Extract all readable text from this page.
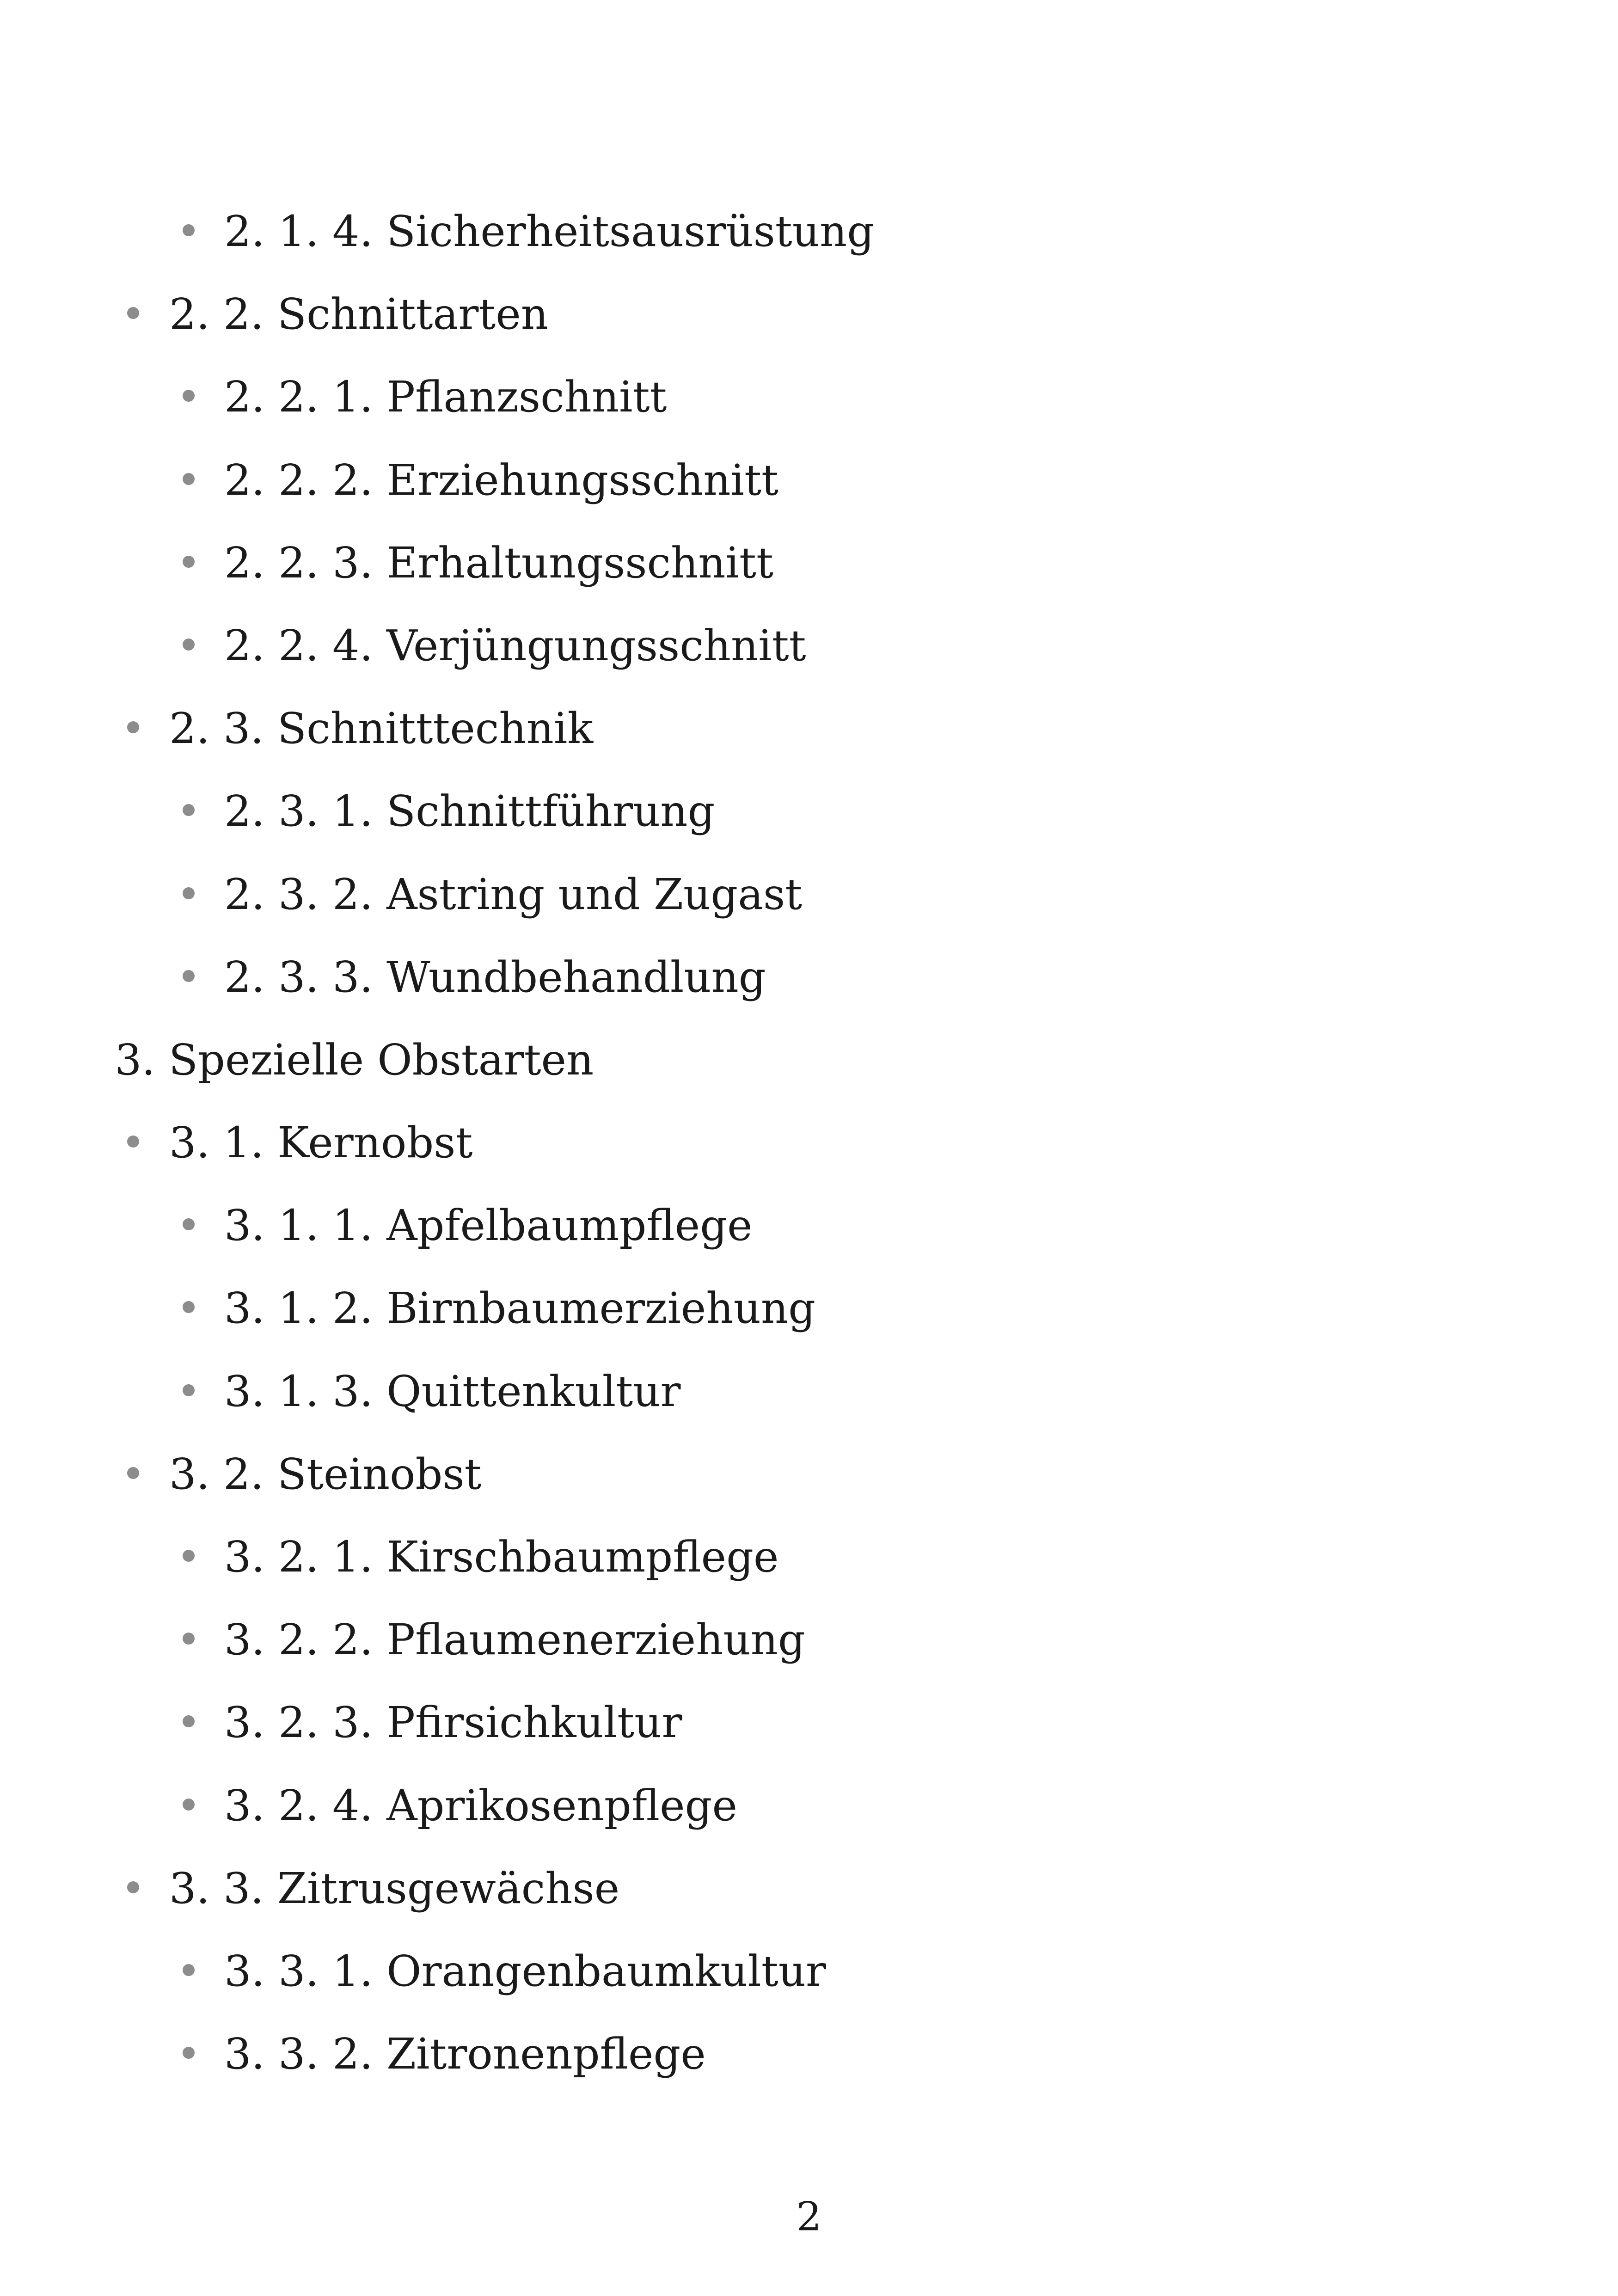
2. 1. 4. Sicherheitsausrüstung
2. 2. Schnittarten
2. 2. 1. Pflanzschnitt
2. 2. 2. Erziehungsschnitt
2. 2. 3. Erhaltungsschnitt
2. 2. 4. Verjüngungsschnitt
2. 3. Schnitttechnik
2. 3. 1. Schnittführung
2. 3. 2. Astring und Zugast
2. 3. 3. Wundbehandlung
3. Spezielle Obstarten
3. 1. Kernobst
3. 1. 1. Apfelbaumpflege
3. 1. 2. Birnbaumerziehung
3. 1. 3. Quittenkultur
3. 2. Steinobst
3. 2. 1. Kirschbaumpflege
3. 2. 2. Pflaumenerziehung
3. 2. 3. Pfirsichkultur
3. 2. 4. Aprikosenpflege
3. 3. Zitrusgewächse
3. 3. 1. Orangenbaumkultur
3. 3. 2. Zitronenpflege
2
